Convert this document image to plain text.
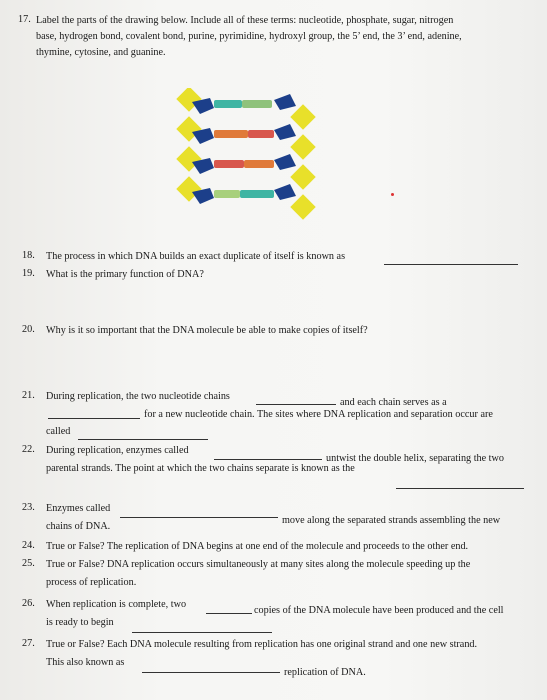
17. Label the parts of the drawing below. Include all of these terms: nucleotide, phosphate, sugar, nitrogen
base, hydrogen bond, covalent bond, purine, pyrimidine, hydroxyl group, the 5’ end, the 3’ end, adenine,
thymine, cytosine, and guanine.
18. The process in which DNA builds an exact duplicate of itself is known as
19. What is the primary function of DNA?
20. Why is it so important that the DNA molecule be able to make copies of itself?
21. During replication, the two nucleotide chains
and each chain serves as a
for a new nucleotide chain. The sites where DNA replication and separation occur are
called
22. During replication, enzymes called
untwist the double helix, separating the two
parental strands. The point at which the two chains separate is known as the
23. Enzymes called
move along the separated strands assembling the new
chains of DNA.
24. True or False? The replication of DNA begins at one end of the molecule and proceeds to the other end.
25. True or False? DNA replication occurs simultaneously at many sites along the molecule speeding up the
process of replication.
26. When replication is complete, two
copies of the DNA molecule have been produced and the cell
is ready to begin
27. True or False? Each DNA molecule resulting from replication has one original strand and one new strand.
This also known as
replication of DNA.
